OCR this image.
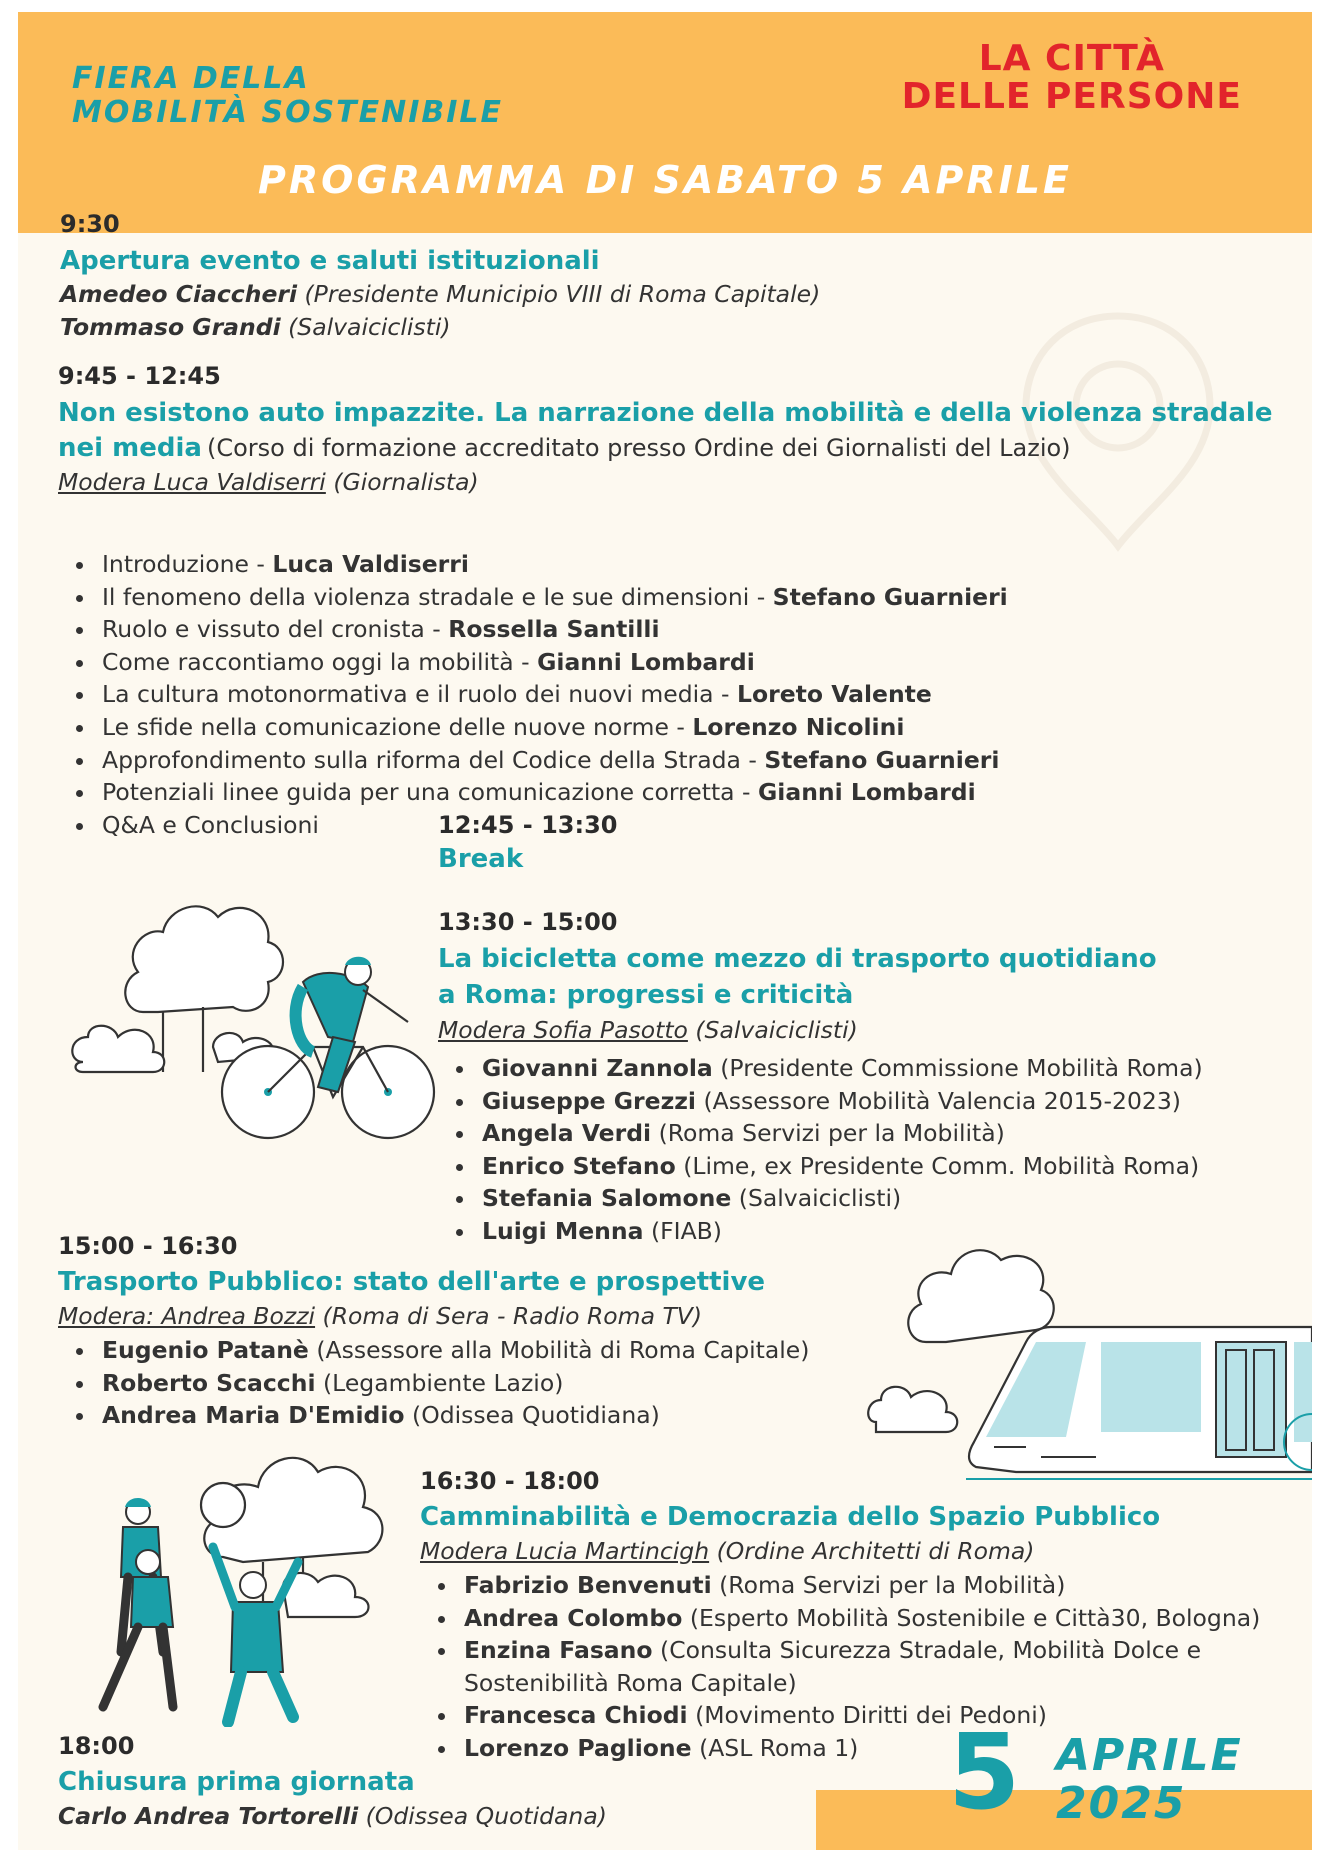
FIERA DELLA
MOBILITÀ SOSTENIBILE
LA CITTÀ
DELLE PERSONE
PROGRAMMA DI SABATO 5 APRILE
9:30
Apertura evento e saluti istituzionali
Amedeo Ciaccheri (Presidente Municipio VIII di Roma Capitale)
Tommaso Grandi (Salvaiciclisti)
9:45 - 12:45
Non esistono auto impazzite. La narrazione della mobilità e della violenza stradale
nei media (Corso di formazione accreditato presso Ordine dei Giornalisti del Lazio)
Modera Luca Valdiserri (Giornalista)
Introduzione - Luca Valdiserri
Il fenomeno della violenza stradale e le sue dimensioni - Stefano Guarnieri
Ruolo e vissuto del cronista - Rossella Santilli
Come raccontiamo oggi la mobilità - Gianni Lombardi
La cultura motonormativa e il ruolo dei nuovi media - Loreto Valente
Le sfide nella comunicazione delle nuove norme - Lorenzo Nicolini
Approfondimento sulla riforma del Codice della Strada - Stefano Guarnieri
Potenziali linee guida per una comunicazione corretta - Gianni Lombardi
Q&A e Conclusioni	12:45 - 13:30
Break
13:30 - 15:00
La bicicletta come mezzo di trasporto quotidiano
a Roma: progressi e criticità
Modera Sofia Pasotto (Salvaiciclisti)
Giovanni Zannola (Presidente Commissione Mobilità Roma)
Giuseppe Grezzi (Assessore Mobilità Valencia 2015-2023)
Angela Verdi (Roma Servizi per la Mobilità)
Enrico Stefano (Lime, ex Presidente Comm. Mobilità Roma)
Stefania Salomone (Salvaiciclisti)
Luigi Menna (FIAB)
15:00 - 16:30
Trasporto Pubblico: stato dell'arte e prospettive
Modera: Andrea Bozzi (Roma di Sera - Radio Roma TV)
Eugenio Patanè (Assessore alla Mobilità di Roma Capitale)
Roberto Scacchi (Legambiente Lazio)
Andrea Maria D'Emidio (Odissea Quotidiana)
16:30 - 18:00
Camminabilità e Democrazia dello Spazio Pubblico
Modera Lucia Martincigh (Ordine Architetti di Roma)
Fabrizio Benvenuti (Roma Servizi per la Mobilità)
Andrea Colombo (Esperto Mobilità Sostenibile e Città30, Bologna)
Enzina Fasano (Consulta Sicurezza Stradale, Mobilità Dolce e Sostenibilità Roma Capitale)
Francesca Chiodi (Movimento Diritti dei Pedoni)
Lorenzo Paglione (ASL Roma 1)
18:00
Chiusura prima giornata
Carlo Andrea Tortorelli (Odissea Quotidana)	5 APRILE
2025
